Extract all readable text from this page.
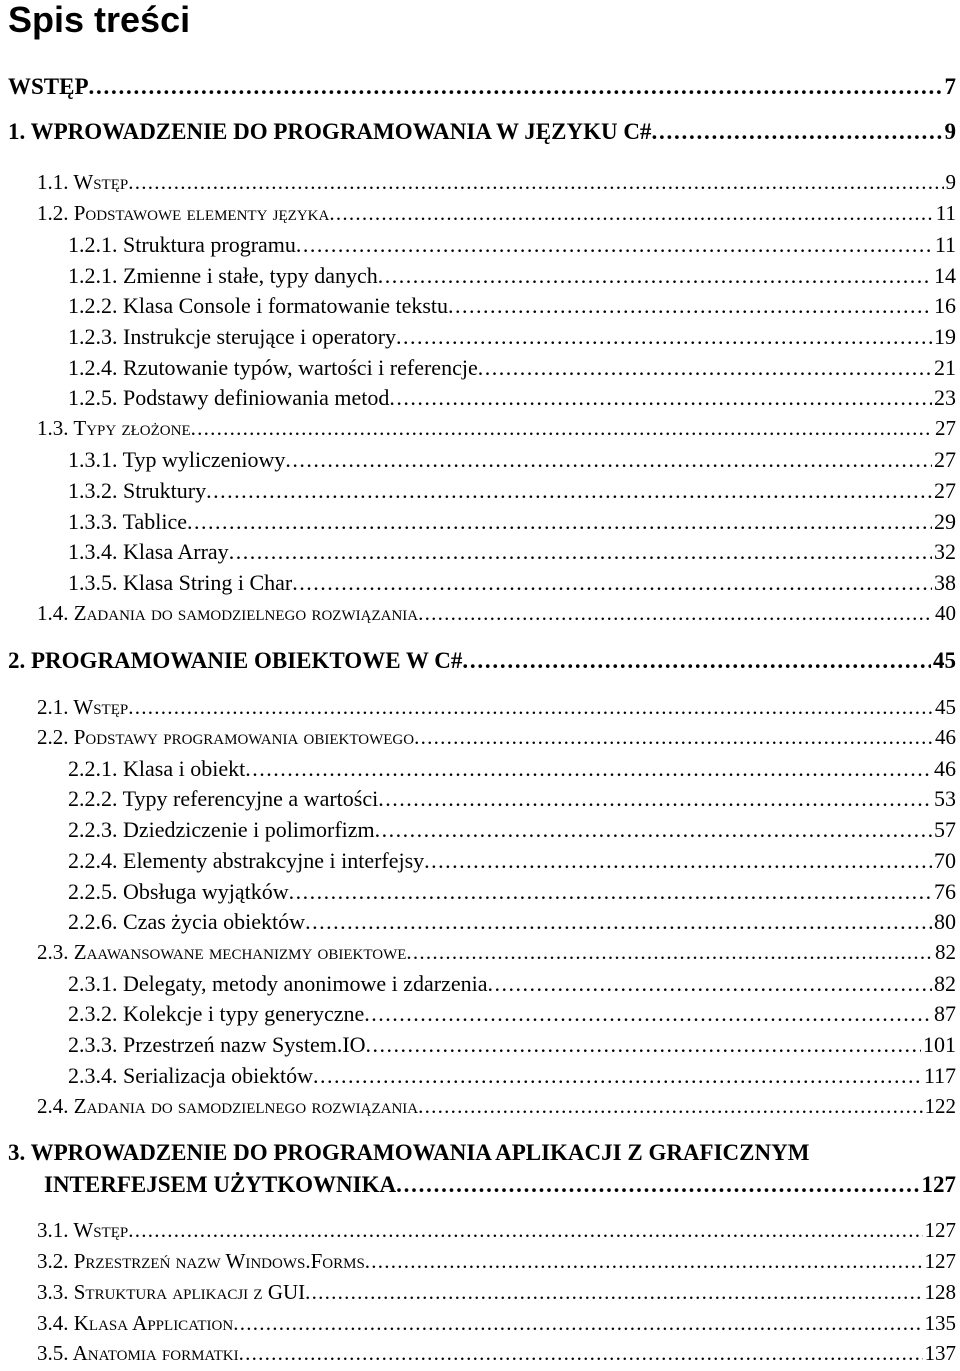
Spis treści
WSTĘP . . .	7
1. WPROWADZENIE DO PROGRAMOWANIA W JĘZYKU C# . . .	9
1.1. Wstęp . . .	9
1.2. Podstawowe elementy języka . . .	11
1.2.1. Struktura programu . . .	11
1.2.1. Zmienne i stałe, typy danych . . .	14
1.2.2. Klasa Console i formatowanie tekstu . . .	16
1.2.3. Instrukcje sterujące i operatory . . .	19
1.2.4. Rzutowanie typów, wartości i referencje . . .	21
1.2.5. Podstawy definiowania metod . . .	23
1.3. Typy złożone . . .	27
1.3.1. Typ wyliczeniowy . . .	27
1.3.2. Struktury . . .	27
1.3.3. Tablice . . .	29
1.3.4. Klasa Array . . .	32
1.3.5. Klasa String i Char . . .	38
1.4. Zadania do samodzielnego rozwiązania . . .	40
2. PROGRAMOWANIE OBIEKTOWE W C# . . .	45
2.1. Wstęp . . .	45
2.2. Podstawy programowania obiektowego . . .	46
2.2.1. Klasa i obiekt . . .	46
2.2.2. Typy referencyjne a wartości . . .	53
2.2.3. Dziedziczenie i polimorfizm . . .	57
2.2.4. Elementy abstrakcyjne i interfejsy . . .	70
2.2.5. Obsługa wyjątków . . .	76
2.2.6. Czas życia obiektów . . .	80
2.3. Zaawansowane mechanizmy obiektowe . . .	82
2.3.1. Delegaty, metody anonimowe i zdarzenia . . .	82
2.3.2. Kolekcje i typy generyczne . . .	87
2.3.3. Przestrzeń nazw System.IO . . .	101
2.3.4. Serializacja obiektów . . .	117
2.4. Zadania do samodzielnego rozwiązania . . .	122
3. WPROWADZENIE DO PROGRAMOWANIA APLIKACJI Z GRAFICZNYM
INTERFEJSEM UŻYTKOWNIKA . . .	127
3.1. Wstęp . . .	127
3.2. Przestrzeń nazw Windows.Forms . . .	127
3.3. Struktura aplikacji z GUI . . .	128
3.4. Klasa Application . . .	135
3.5. Anatomia formatki . . .	137
